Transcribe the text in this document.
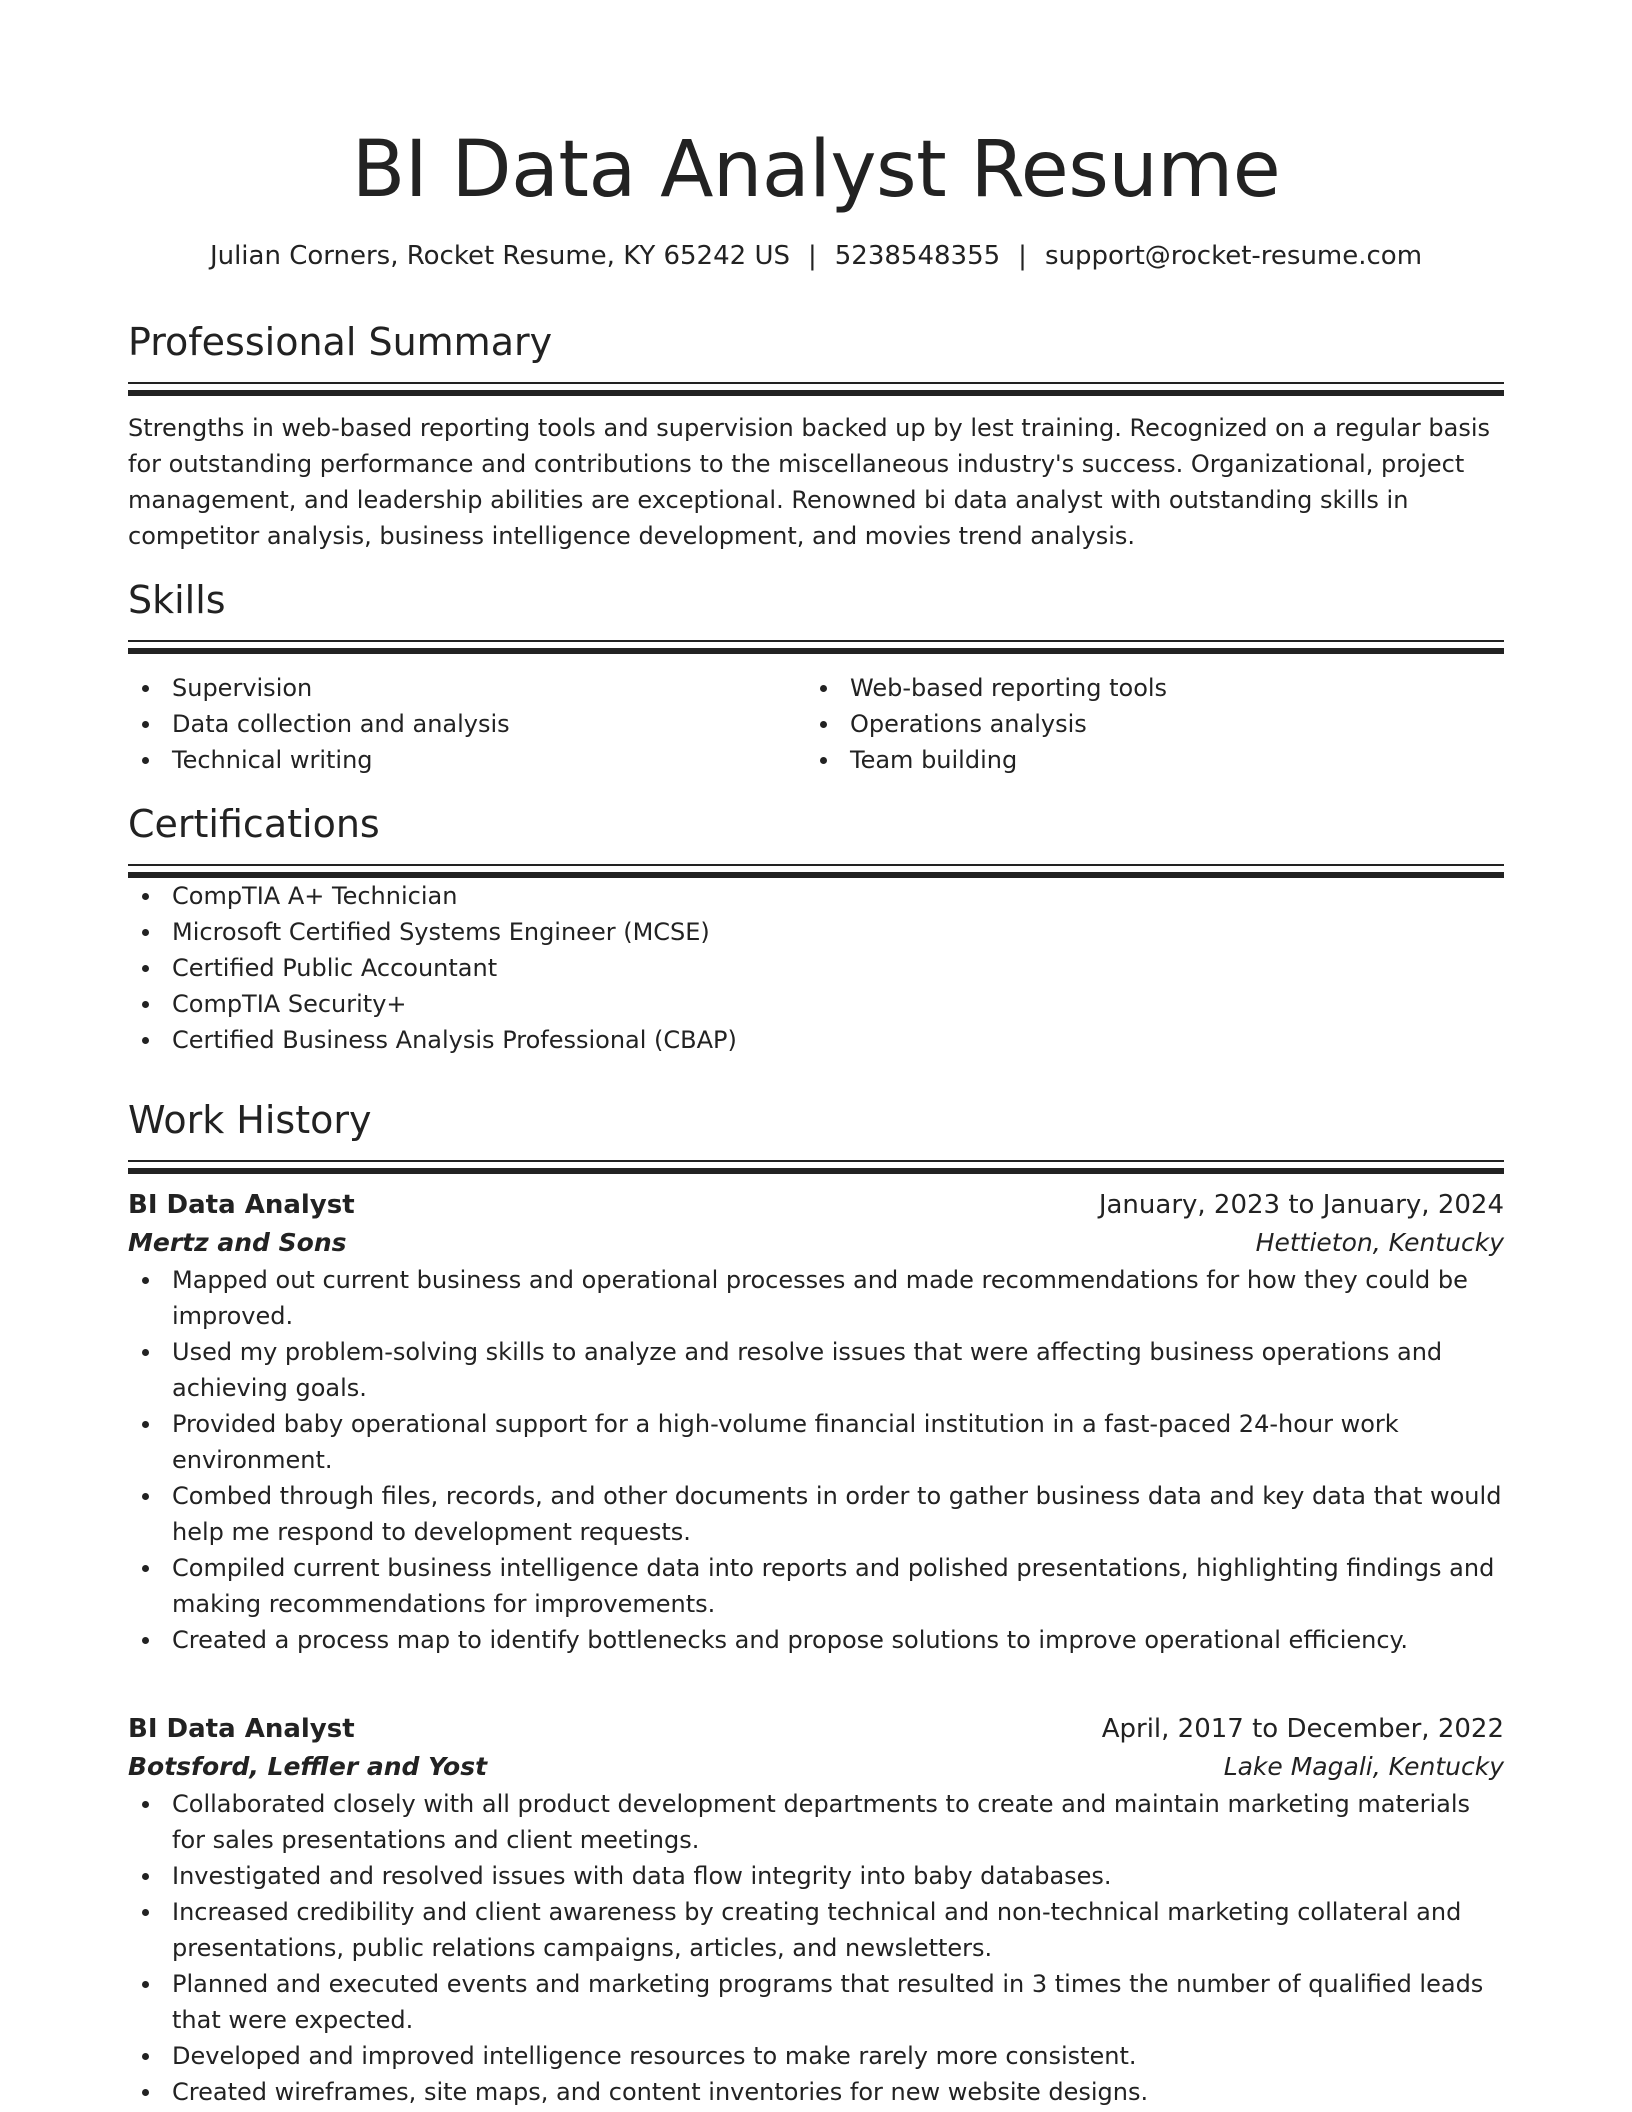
BI Data Analyst Resume
Julian Corners, Rocket Resume, KY 65242 US | 5238548355 | support@rocket-resume.com
Professional Summary

Strengths in web-based reporting tools and supervision backed up by lest training. Recognized on a regular basis for outstanding performance and contributions to the miscellaneous industry's success. Organizational, project management, and leadership abilities are exceptional. Renowned bi data analyst with outstanding skills in competitor analysis, business intelligence development, and movies trend analysis.

Skills
Supervision
Data collection and analysis
Technical writing
Web-based reporting tools
Operations analysis
Team building
Certifications
CompTIA A+ Technician
Microsoft Certified Systems Engineer (MCSE)
Certified Public Accountant
CompTIA Security+
Certified Business Analysis Professional (CBAP)
Work History
BI Data Analyst	January, 2023 to January, 2024
Mertz and Sons	Hettieton, Kentucky
Mapped out current business and operational processes and made recommendations for how they could be improved.
Used my problem-solving skills to analyze and resolve issues that were affecting business operations and achieving goals.
Provided baby operational support for a high-volume financial institution in a fast-paced 24-hour work environment.
Combed through files, records, and other documents in order to gather business data and key data that would help me respond to development requests.
Compiled current business intelligence data into reports and polished presentations, highlighting findings and making recommendations for improvements.
Created a process map to identify bottlenecks and propose solutions to improve operational efficiency.
BI Data Analyst	April, 2017 to December, 2022
Botsford, Leffler and Yost	Lake Magali, Kentucky
Collaborated closely with all product development departments to create and maintain marketing materials for sales presentations and client meetings.
Investigated and resolved issues with data flow integrity into baby databases.
Increased credibility and client awareness by creating technical and non-technical marketing collateral and presentations, public relations campaigns, articles, and newsletters.
Planned and executed events and marketing programs that resulted in 3 times the number of qualified leads that were expected.
Developed and improved intelligence resources to make rarely more consistent.
Created wireframes, site maps, and content inventories for new website designs.
